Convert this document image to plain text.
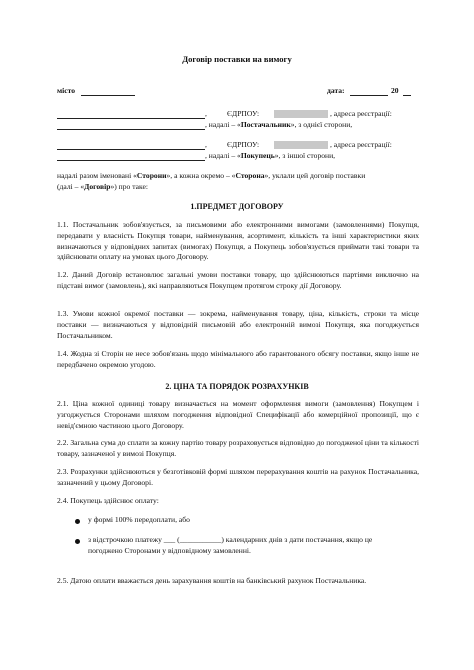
Договір поставки на вимогу
місто	дата:	20
,	ЄДРПОУ:	, адреса реєстрації:
, надалі – «Постачальник», з однієї сторони,
,	ЄДРПОУ:	, адреса реєстрації:
, надалі – «Покупець», з іншої сторони,
надалі разом іменовані «Сторони», а кожна окремо – «Сторона», уклали цей договір поставки
(далі – «Договір») про таке:
1.ПРЕДМЕТ ДОГОВОРУ
1.1. Постачальник зобов'язується, за письмовими або електронними вимогами (замовленнями) Покупця, передавати у власність Покупця товари, найменування, асортимент, кількість та інші характеристики яких визначаються у відповідних запитах (вимогах) Покупця, а Покупець зобов'язується приймати такі товари та здійснювати оплату на умовах цього Договору.
1.2. Даний Договір встановлює загальні умови поставки товару, що здійснюються партіями виключно на підставі вимог (замовлень), які направляються Покупцем протягом строку дії Договору.
1.3. Умови кожної окремої поставки — зокрема, найменування товару, ціна, кількість, строки та місце поставки — визначаються у відповідній письмовій або електронній вимозі Покупця, яка погоджується Постачальником.
1.4. Жодна зі Сторін не несе зобов'язань щодо мінімального або гарантованого обсягу поставки, якщо інше не передбачено окремою угодою.
2. ЦІНА ТА ПОРЯДОК РОЗРАХУНКІВ
2.1. Ціна кожної одиниці товару визначається на момент оформлення вимоги (замовлення) Покупцем і узгоджується Сторонами шляхом погодження відповідної Специфікації або комерційної пропозиції, що є невід'ємною частиною цього Договору.
2.2. Загальна сума до сплати за кожну партію товару розраховується відповідно до погодженої ціни та кількості товару, зазначеної у вимозі Покупця.
2.3. Розрахунки здійснюються у безготівковій формі шляхом перерахування коштів на рахунок Постачальника, зазначений у цьому Договорі.
2.4. Покупець здійснює оплату:
у формі 100% передоплати, або
з відстрочкою платежу ___ (___________) календарних днів з дати постачання, якщо це
погоджено Сторонами у відповідному замовленні.
2.5. Датою оплати вважається день зарахування коштів на банківський рахунок Постачальника.
